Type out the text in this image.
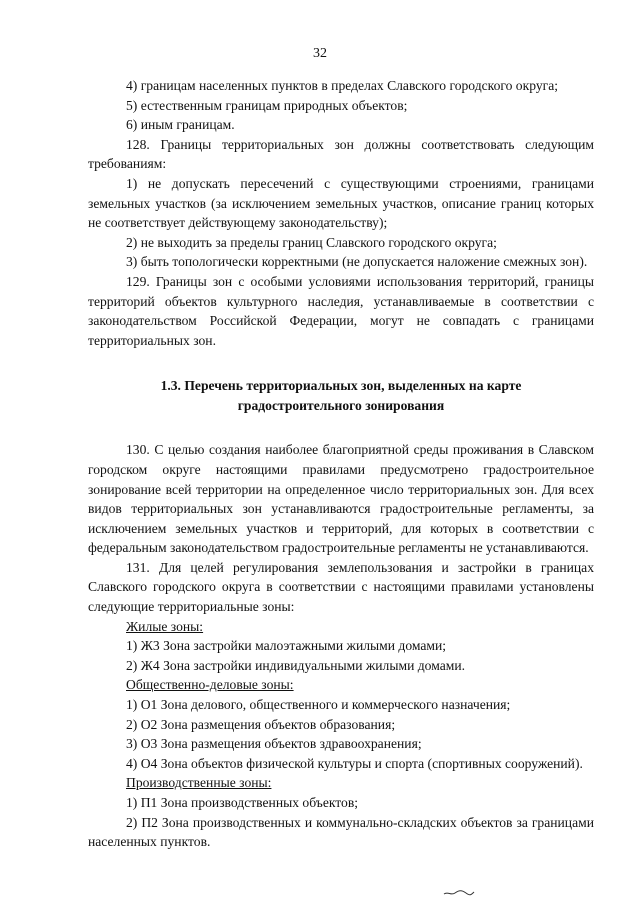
32

4) границам населенных пунктов в пределах Славского городского округа;

5) естественным границам природных объектов;

6) иным границам.

128. Границы территориальных зон должны соответствовать следующим требованиям:

1) не допускать пересечений с существующими строениями, границами земельных участков (за исключением земельных участков, описание границ которых не соответствует действующему законодательству);

2) не выходить за пределы границ Славского городского округа;

3) быть топологически корректными (не допускается наложение смежных зон).

129. Границы зон с особыми условиями использования территорий, границы территорий объектов культурного наследия, устанавливаемые в соответствии с законодательством Российской Федерации, могут не совпадать с границами территориальных зон.

1.3. Перечень территориальных зон, выделенных на карте градостроительного зонирования

130. С целью создания наиболее благоприятной среды проживания в Славском городском округе настоящими правилами предусмотрено градостроительное зонирование всей территории на определенное число территориальных зон. Для всех видов территориальных зон устанавливаются градостроительные регламенты, за исключением земельных участков и территорий, для которых в соответствии с федеральным законодательством градостроительные регламенты не устанавливаются.

131. Для целей регулирования землепользования и застройки в границах Славского городского округа в соответствии с настоящими правилами установлены следующие территориальные зоны:

Жилые зоны:

1) Ж3 Зона застройки малоэтажными жилыми домами;

2) Ж4 Зона застройки индивидуальными жилыми домами.

Общественно-деловые зоны:

1) О1 Зона делового, общественного и коммерческого назначения;

2) О2 Зона размещения объектов образования;

3) О3 Зона размещения объектов здравоохранения;

4) О4 Зона объектов физической культуры и спорта (спортивных сооружений).

Производственные зоны:

1) П1 Зона производственных объектов;

2) П2 Зона производственных и коммунально-складских объектов за границами населенных пунктов.
